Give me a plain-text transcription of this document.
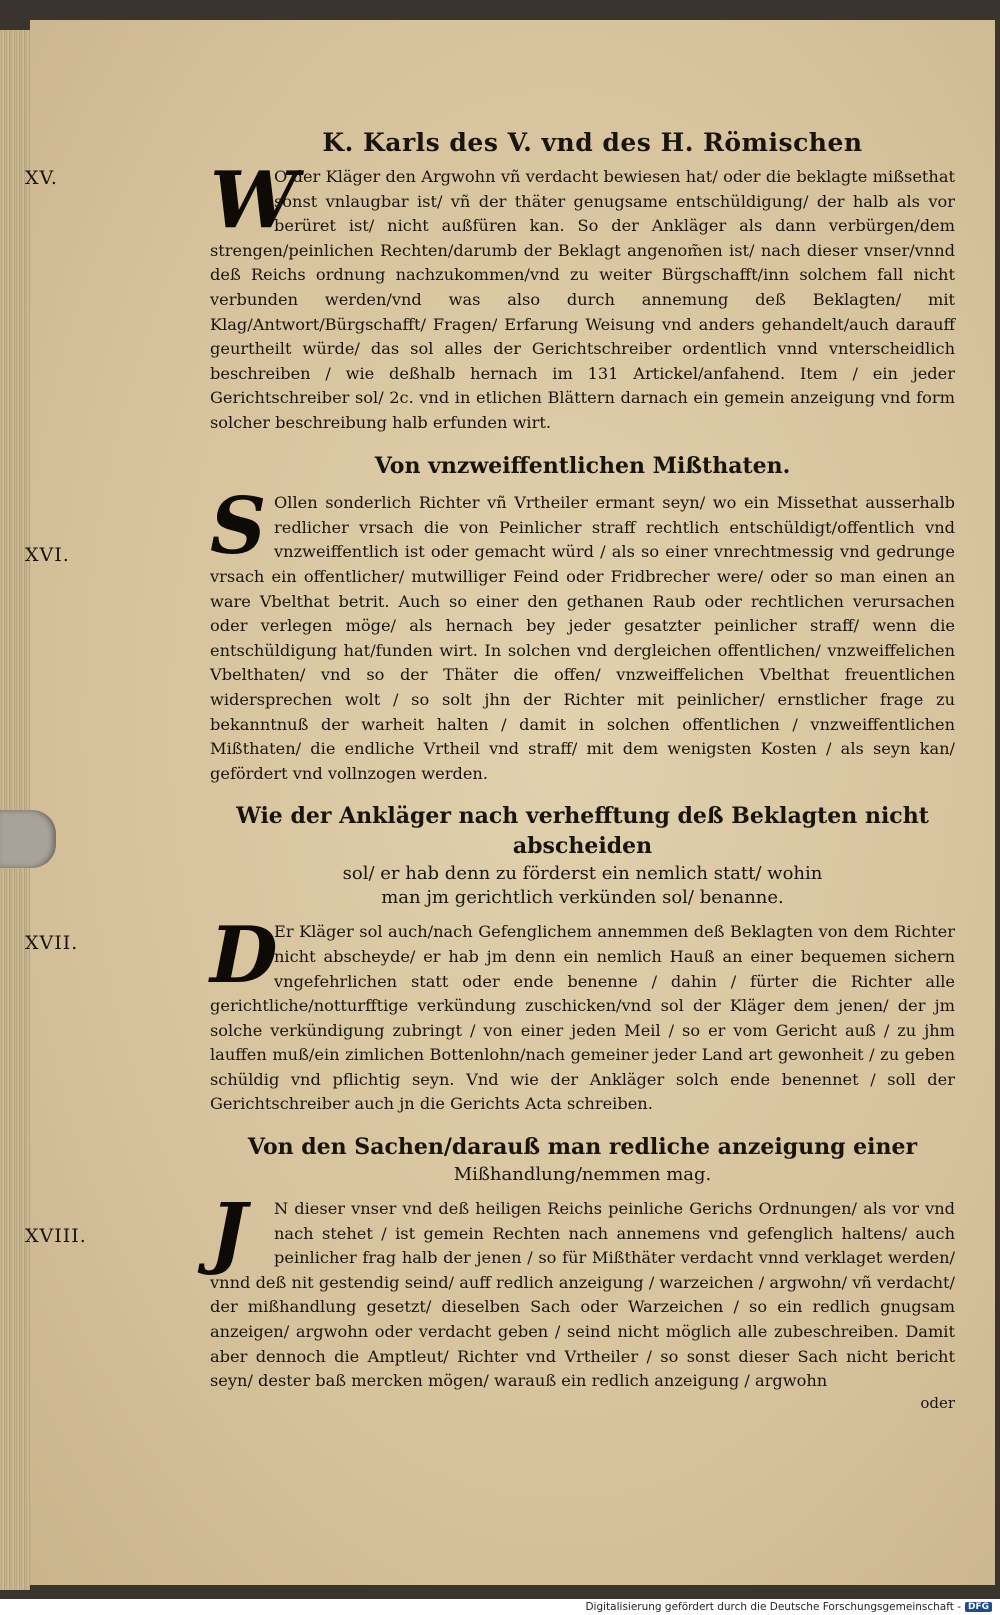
K. Karls des V. vnd des H. Römischen
XV. W
O der Kläger den Argwohn vñ verdacht bewiesen hat/ oder die beklagte mißsethat sonst vnlaugbar ist/ vñ der thäter genugsame entschüldigung/ der halb als vor berüret ist/ nicht außfüren kan. So der Ankläger als dann verbürgen/dem strengen/peinlichen Rechten/darumb der Beklagt angenom̃en ist/ nach dieser vnser/vnnd deß Reichs ordnung nachzukommen/vnd zu weiter Bürgschafft/inn solchem fall nicht verbunden werden/vnd was also durch annemung deß Beklagten/ mit Klag/Antwort/Bürgschafft/ Fragen/ Erfarung Weisung vnd anders gehandelt/auch darauff geurtheilt würde/ das sol alles der Gerichtschreiber ordentlich vnnd vnterscheidlich beschreiben / wie deßhalb hernach im 131 Artickel/anfahend. Item / ein jeder Gerichtschreiber sol/ 2c. vnd in etlichen Blättern darnach ein gemein anzeigung vnd form solcher beschreibung halb erfunden wirt.

Von vnzweiffentlichen Mißthaten.
XVI. S Ollen sonderlich Richter vñ Vrtheiler ermant seyn/ wo ein Missethat ausserhalb redlicher vrsach die von Peinlicher straff rechtlich entschüldigt/offentlich vnd vnzweiffentlich ist oder gemacht würd / als so einer vnrechtmessig vnd gedrunge vrsach ein offentlicher/ mutwilliger Feind oder Fridbrecher were/ oder so man einen an ware Vbelthat betrit. Auch so einer den gethanen Raub oder rechtlichen verursachen oder verlegen möge/ als hernach bey jeder gesatzter peinlicher straff/ wenn die entschüldigung hat/funden wirt. In solchen vnd dergleichen offentlichen/ vnzweiffelichen Vbelthaten/ vnd so der Thäter die offen/ vnzweiffelichen Vbelthat freuentlichen widersprechen wolt / so solt jhn der Richter mit peinlicher/ ernstlicher frage zu bekanntnuß der warheit halten / damit in solchen offentlichen / vnzweiffentlichen Mißthaten/ die endliche Vrtheil vnd straff/ mit dem wenigsten Kosten / als seyn kan/ gefördert vnd vollnzogen werden.

Wie der Ankläger nach verhefftung deß Beklagten nicht abscheiden
sol/ er hab denn zu förderst ein nemlich statt/ wohin man jm gerichtlich verkünden sol/ benanne.
XVII. D
Er Kläger sol auch/nach Gefenglichem annemmen deß Beklagten von dem Richter nicht abscheyde/ er hab jm denn ein nemlich Hauß an einer bequemen sichern vngefehrlichen statt oder ende benenne / dahin / fürter die Richter alle gerichtliche/notturfftige verkündung zuschicken/vnd sol der Kläger dem jenen/ der jm solche verkündigung zubringt / von einer jeden Meil / so er vom Gericht auß / zu jhm lauffen muß/ein zimlichen Bottenlohn/nach gemeiner jeder Land art gewonheit / zu geben schüldig vnd pflichtig seyn. Vnd wie der Ankläger solch ende benennet / soll der Gerichtschreiber auch jn die Gerichts Acta schreiben.

Von den Sachen/darauß man redliche anzeigung einer
Mißhandlung/nemmen mag.
XVIII. J	N dieser vnser vnd deß heiligen Reichs peinliche Gerichs Ordnungen/ als vor vnd nach stehet / ist gemein Rechten nach annemens vnd gefenglich haltens/ auch peinlicher frag halb der jenen / so für Mißthäter verdacht vnnd verklaget werden/ vnnd deß nit gestendig seind/ auff redlich anzeigung / warzeichen / argwohn/ vñ verdacht/ der mißhandlung gesetzt/ dieselben Sach oder Warzeichen / so ein redlich gnugsam anzeigen/ argwohn oder verdacht geben / seind nicht möglich alle zubeschreiben. Damit aber dennoch die Amptleut/ Richter vnd Vrtheiler / so sonst dieser Sach nicht bericht seyn/ dester baß mercken mögen/ warauß ein redlich anzeigung / argwohn

oder
Digitalisierung gefördert durch die Deutsche Forschungsgemeinschaft - DFG
